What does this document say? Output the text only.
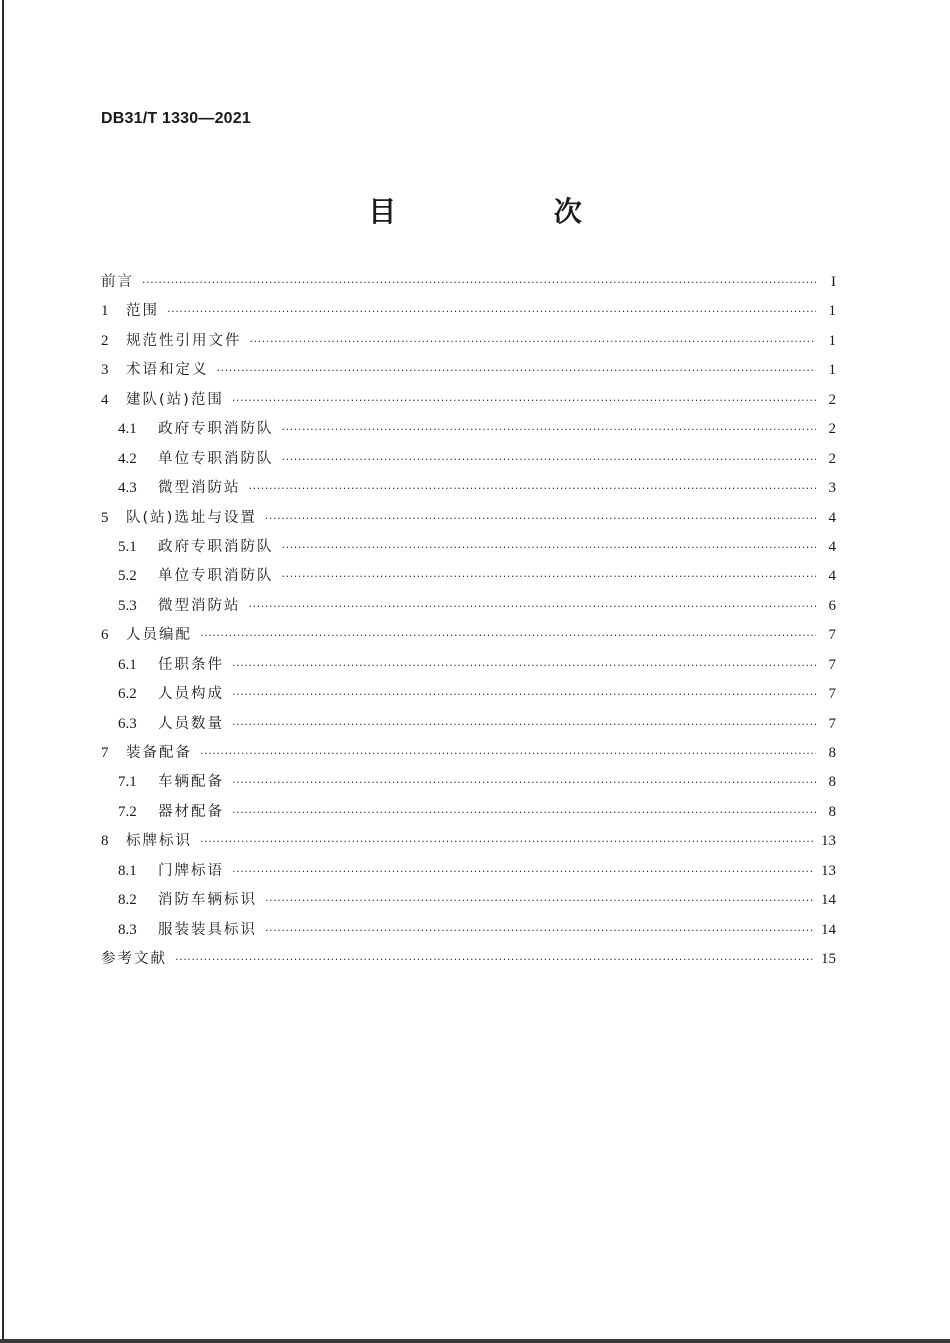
DB31/T 1330—2021
目  次
前言 ·····	I
1	范围 ·····	1
2	规范性引用文件 ·····	1
3	术语和定义 ·····	1
4	建队(站)范围 ·····	2
4.1	政府专职消防队 ·····	2
4.2	单位专职消防队 ·····	2
4.3	微型消防站 ·····	3
5	队(站)选址与设置 ·····	4
5.1	政府专职消防队 ·····	4
5.2	单位专职消防队 ·····	4
5.3	微型消防站 ·····	6
6	人员编配 ·····	7
6.1	任职条件 ·····	7
6.2	人员构成 ·····	7
6.3	人员数量 ·····	7
7	装备配备 ·····	8
7.1	车辆配备 ·····	8
7.2	器材配备 ·····	8
8	标牌标识 ·····	13
8.1	门牌标语 ·····	13
8.2	消防车辆标识 ·····	14
8.3	服装装具标识 ·····	14
参考文献 ·····	15
